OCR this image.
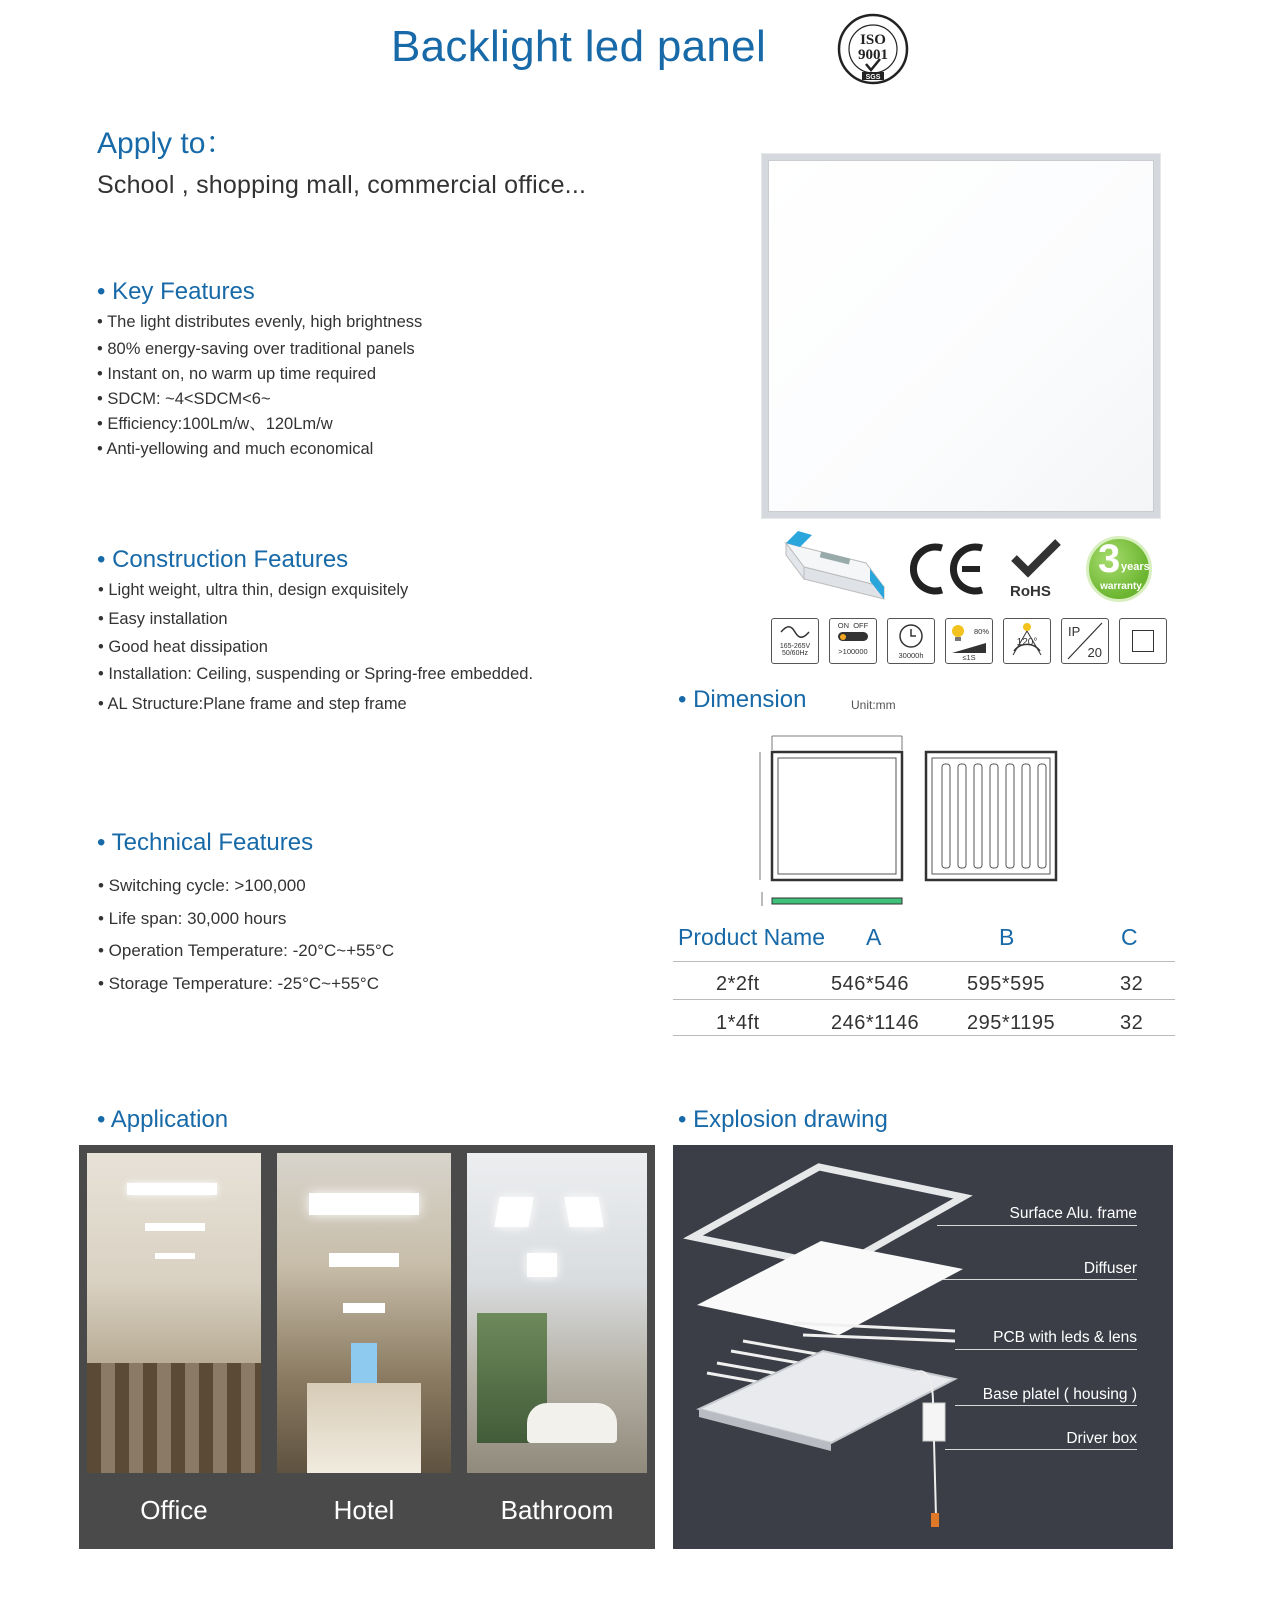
Backlight led panel	ISO
9001
SGS
Apply to：
School , shopping mall, commercial office...
• Key Features
• The light distributes evenly, high brightness
• 80% energy-saving over traditional panels
• Instant on, no warm up time required
• SDCM: ~4<SDCM<6~
• Efficiency:100Lm/w、120Lm/w
• Anti-yellowing and much economical
• Construction Features
• Light weight, ultra thin, design exquisitely
• Easy installation
• Good heat dissipation
• Installation: Ceiling, suspending or Spring-free embedded.
• AL Structure:Plane frame and step frame
• Technical Features
• Switching cycle: >100,000
• Life span: 30,000 hours
• Operation Temperature: -20°C~+55°C
• Storage Temperature: -25°C~+55°C
RoHS
3 years
warranty
165-265V
50/60Hz
ON OFF
>100000	30000h
80%
≤1S
120°
IP
20
• Dimension	Unit:mm
Product Name A	B	C
2*2ft	546*546	595*595	32
1*4ft	246*1146 295*1195	32
• Application
Office	Hotel	Bathroom
• Explosion drawing
Surface Alu. frame
Diffuser
PCB with leds & lens
Base platel ( housing )
Driver box
